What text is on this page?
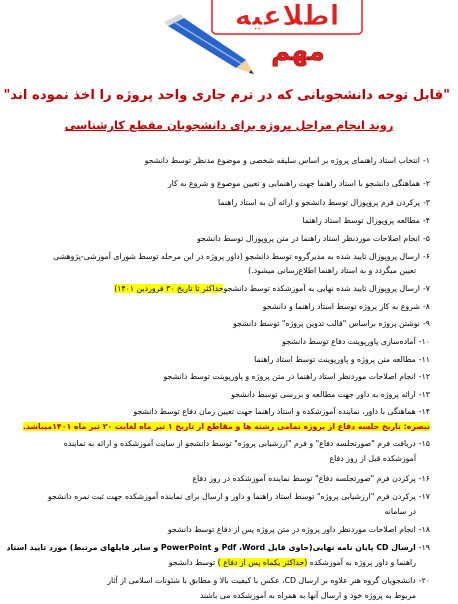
اطلاعیه
مهم
"قابل توجه دانشجویانی که در ترم جاری واحد پروژه را اخذ نموده اند"
روند انجام مراحل پروژه برای دانشجویان مقطع کارشناسی
۱-انتخاب استاد راهنمای پروژه بر اساس سلیقه شخصی و موضوع مدنظر توسط دانشجو
۲-هماهنگی دانشجو با استاد راهنما جهت راهنمایی و تعیین موضوع و شروع به کار
۳-پرکردن فرم پروپوزال توسط دانشجو و ارائه آن به استاد راهنما
۴-مطالعه پروپوزال توسط استاد راهنما
۵-انجام اصلاحات موردنظر استاد راهنما در متن پروپوزال توسط دانشجو
۶-ارسال پروپوزال تایید شده به مدیرگروه توسط دانشجو (داور پروژه در این مرحله توسط شورای آموزشی-پژوهشی
تعیین میگردد و به استاد راهنما اطلاع‌رسانی میشود.)
۷-ارسال پروپوزال تایید شده نهایی به آموزشکده توسط دانشجوحداکثر تا تاریخ ۳۰ فروردین ۱۴۰۱)
۸-شروع به کار پروژه توسط استاد راهنما و دانشجو
۹-نوشتن پروژه براساس "قالب تدوین پروژه" توسط دانشجو
۱۰-آماده‌سازی پاورپوینت دفاع توسط دانشجو
۱۱-مطالعه متن پروژه و پاورپوینت توسط استاد راهنما
۱۲-انجام اصلاحات موردنظر استاد راهنما در متن پروژه و پاورپوینت توسط دانشجو
۱۳-ارائه پروژه به داور جهت مطالعه و بررسی توسط دانشجو
۱۴-هماهنگی با داور، نماینده آموزشکده و استاد راهنما جهت تعیین زمان دفاع توسط دانشجو
تبصره: تاریخ جلسه دفاع از پروژه تمامی رشته ها و مقاطع از تاریخ ۱ تیر ماه لغایت ۲۰ تیر ماه ۱۴۰۱میباشد.
۱۵-دریافت فرم "صورتجلسه دفاع" و فرم "ارزشیابی پروژه" توسط دانشجو از سایت آموزشکده و ارائه به نماینده
آموزشکده قبل از روز دفاع
۱۶-پرکردن فرم "صورتجلسه دفاع" توسط نماینده آموزشکده در روز دفاع
۱۷-پرکردن فرم "ارزشیابی پروژه" توسط استاد راهنما و داور و ارسال برای نماینده آموزشکده جهت ثبت نمره دانشجو
در سامانه
۱۸-انجام اصلاحات موردنظر داور پروژه در متن پروژه پس از دفاع توسط دانشجو
۱۹-ارسال CD پایان نامه نهایی(حاوی فایل Pdf ،Word و PowerPoint و سایر فایلهای مرتبط) مورد تایید استاد
راهنما و داور پروژه به آموزشکده (حداکثر یکماه پس از دفاع ) توسط دانشجو
۲۰-دانشجویان گروه هنر علاوه بر ارسال CD، عکس با کیفیت بالا و مطابق با شئونات اسلامی از آثار
مربوط به پروژه خود و ارسال آنها به همراه به آموزشکده می باشند
